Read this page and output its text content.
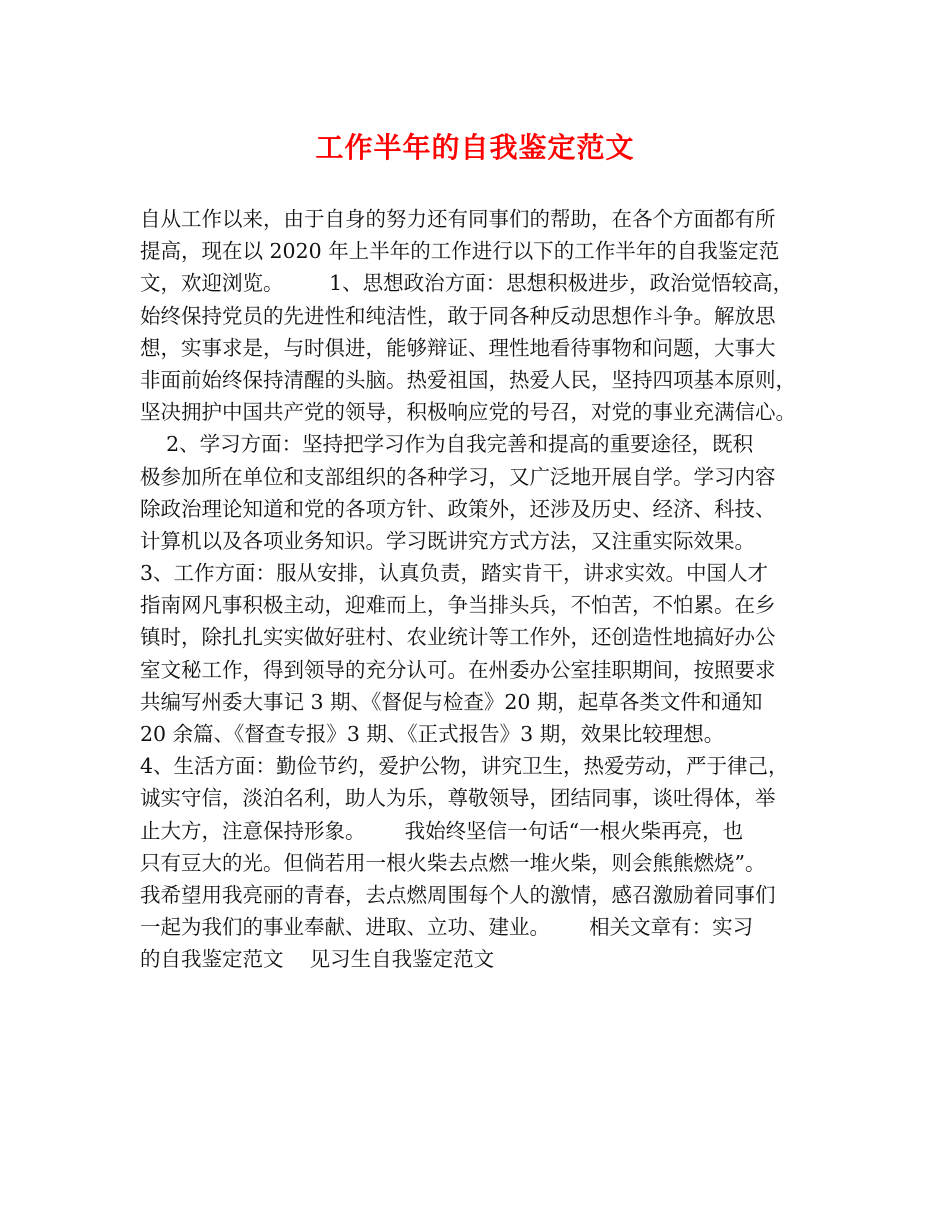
工作半年的自我鉴定范文
自从工作以来，由于自身的努力还有同事们的帮助，在各个方面都有所
提高，现在以 2020 年上半年的工作进行以下的工作半年的自我鉴定范
文，欢迎浏览。       1、思想政治方面：思想积极进步，政治觉悟较高，
始终保持党员的先进性和纯洁性，敢于同各种反动思想作斗争。解放思
想，实事求是，与时俱进，能够辩证、理性地看待事物和问题，大事大
非面前始终保持清醒的头脑。热爱祖国，热爱人民，坚持四项基本原则，
坚决拥护中国共产党的领导，积极响应党的号召，对党的事业充满信心。
2、学习方面：坚持把学习作为自我完善和提高的重要途径，既积
极参加所在单位和支部组织的各种学习，又广泛地开展自学。学习内容
除政治理论知道和党的各项方针、政策外，还涉及历史、经济、科技、
计算机以及各项业务知识。学习既讲究方式方法，又注重实际效果。
3、工作方面：服从安排，认真负责，踏实肯干，讲求实效。中国人才
指南网凡事积极主动，迎难而上，争当排头兵，不怕苦，不怕累。在乡
镇时，除扎扎实实做好驻村、农业统计等工作外，还创造性地搞好办公
室文秘工作，得到领导的充分认可。在州委办公室挂职期间，按照要求
共编写州委大事记 3 期、《督促与检查》20 期，起草各类文件和通知
20 余篇、《督查专报》3 期、《正式报告》3 期，效果比较理想。
4、生活方面：勤俭节约，爱护公物，讲究卫生，热爱劳动，严于律己，
诚实守信，淡泊名利，助人为乐，尊敬领导，团结同事，谈吐得体，举
止大方，注意保持形象。      我始终坚信一句话“一根火柴再亮，也
只有豆大的光。但倘若用一根火柴去点燃一堆火柴，则会熊熊燃烧”。
我希望用我亮丽的青春，去点燃周围每个人的激情，感召激励着同事们
一起为我们的事业奉献、进取、立功、建业。      相关文章有：实习
的自我鉴定范文    见习生自我鉴定范文
